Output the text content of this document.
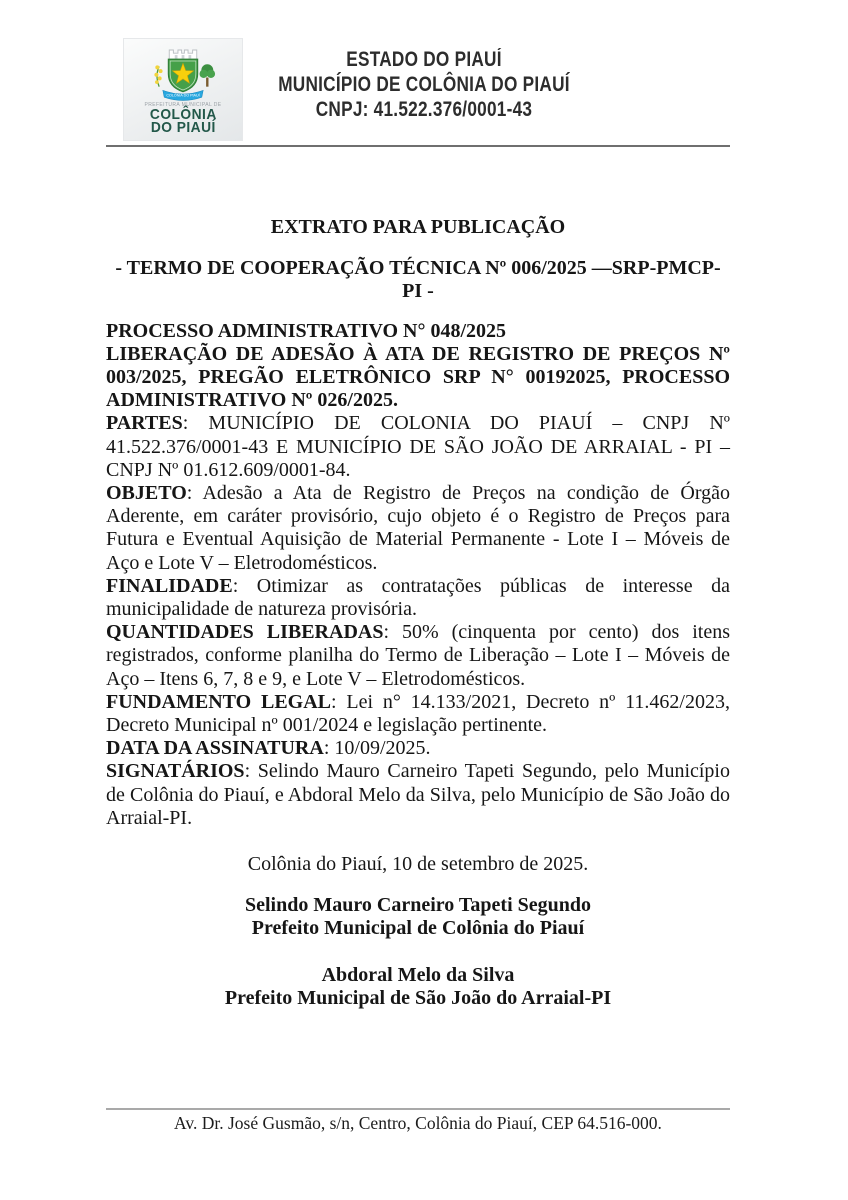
COLÔNIA DO PIAUÍ
PREFEITURA MUNICIPAL DE
COLÔNIA
DO PIAUÍ
ESTADO DO PIAUÍ
MUNICÍPIO DE COLÔNIA DO PIAUÍ
CNPJ: 41.522.376/0001-43
EXTRATO PARA PUBLICAÇÃO
- TERMO DE COOPERAÇÃO TÉCNICA Nº 006/2025 —SRP-PMCP-PI -

PROCESSO ADMINISTRATIVO N° 048/2025

LIBERAÇÃO DE ADESÃO À ATA DE REGISTRO DE PREÇOS Nº 003/2025, PREGÃO ELETRÔNICO SRP N° 00192025, PROCESSO ADMINISTRATIVO Nº 026/2025.

PARTES: MUNICÍPIO DE COLONIA DO PIAUÍ – CNPJ Nº 41.522.376/0001-43 E MUNICÍPIO DE SÃO JOÃO DE ARRAIAL - PI – CNPJ Nº 01.612.609/0001-84.

OBJETO: Adesão a Ata de Registro de Preços na condição de Órgão Aderente, em caráter provisório, cujo objeto é o Registro de Preços para Futura e Eventual Aquisição de Material Permanente - Lote I – Móveis de Aço e Lote V – Eletrodomésticos.

FINALIDADE: Otimizar as contratações públicas de interesse da municipalidade de natureza provisória.

QUANTIDADES LIBERADAS: 50% (cinquenta por cento) dos itens registrados, conforme planilha do Termo de Liberação – Lote I – Móveis de Aço – Itens 6, 7, 8 e 9, e Lote V – Eletrodomésticos.

FUNDAMENTO LEGAL: Lei n° 14.133/2021, Decreto nº 11.462/2023, Decreto Municipal nº 001/2024 e legislação pertinente.

DATA DA ASSINATURA: 10/09/2025.

SIGNATÁRIOS: Selindo Mauro Carneiro Tapeti Segundo, pelo Município de Colônia do Piauí, e Abdoral Melo da Silva, pelo Município de São João do Arraial-PI.

Colônia do Piauí, 10 de setembro de 2025.
Selindo Mauro Carneiro Tapeti Segundo
Prefeito Municipal de Colônia do Piauí
Abdoral Melo da Silva
Prefeito Municipal de São João do Arraial-PI
Av. Dr. José Gusmão, s/n, Centro, Colônia do Piauí, CEP 64.516-000.
